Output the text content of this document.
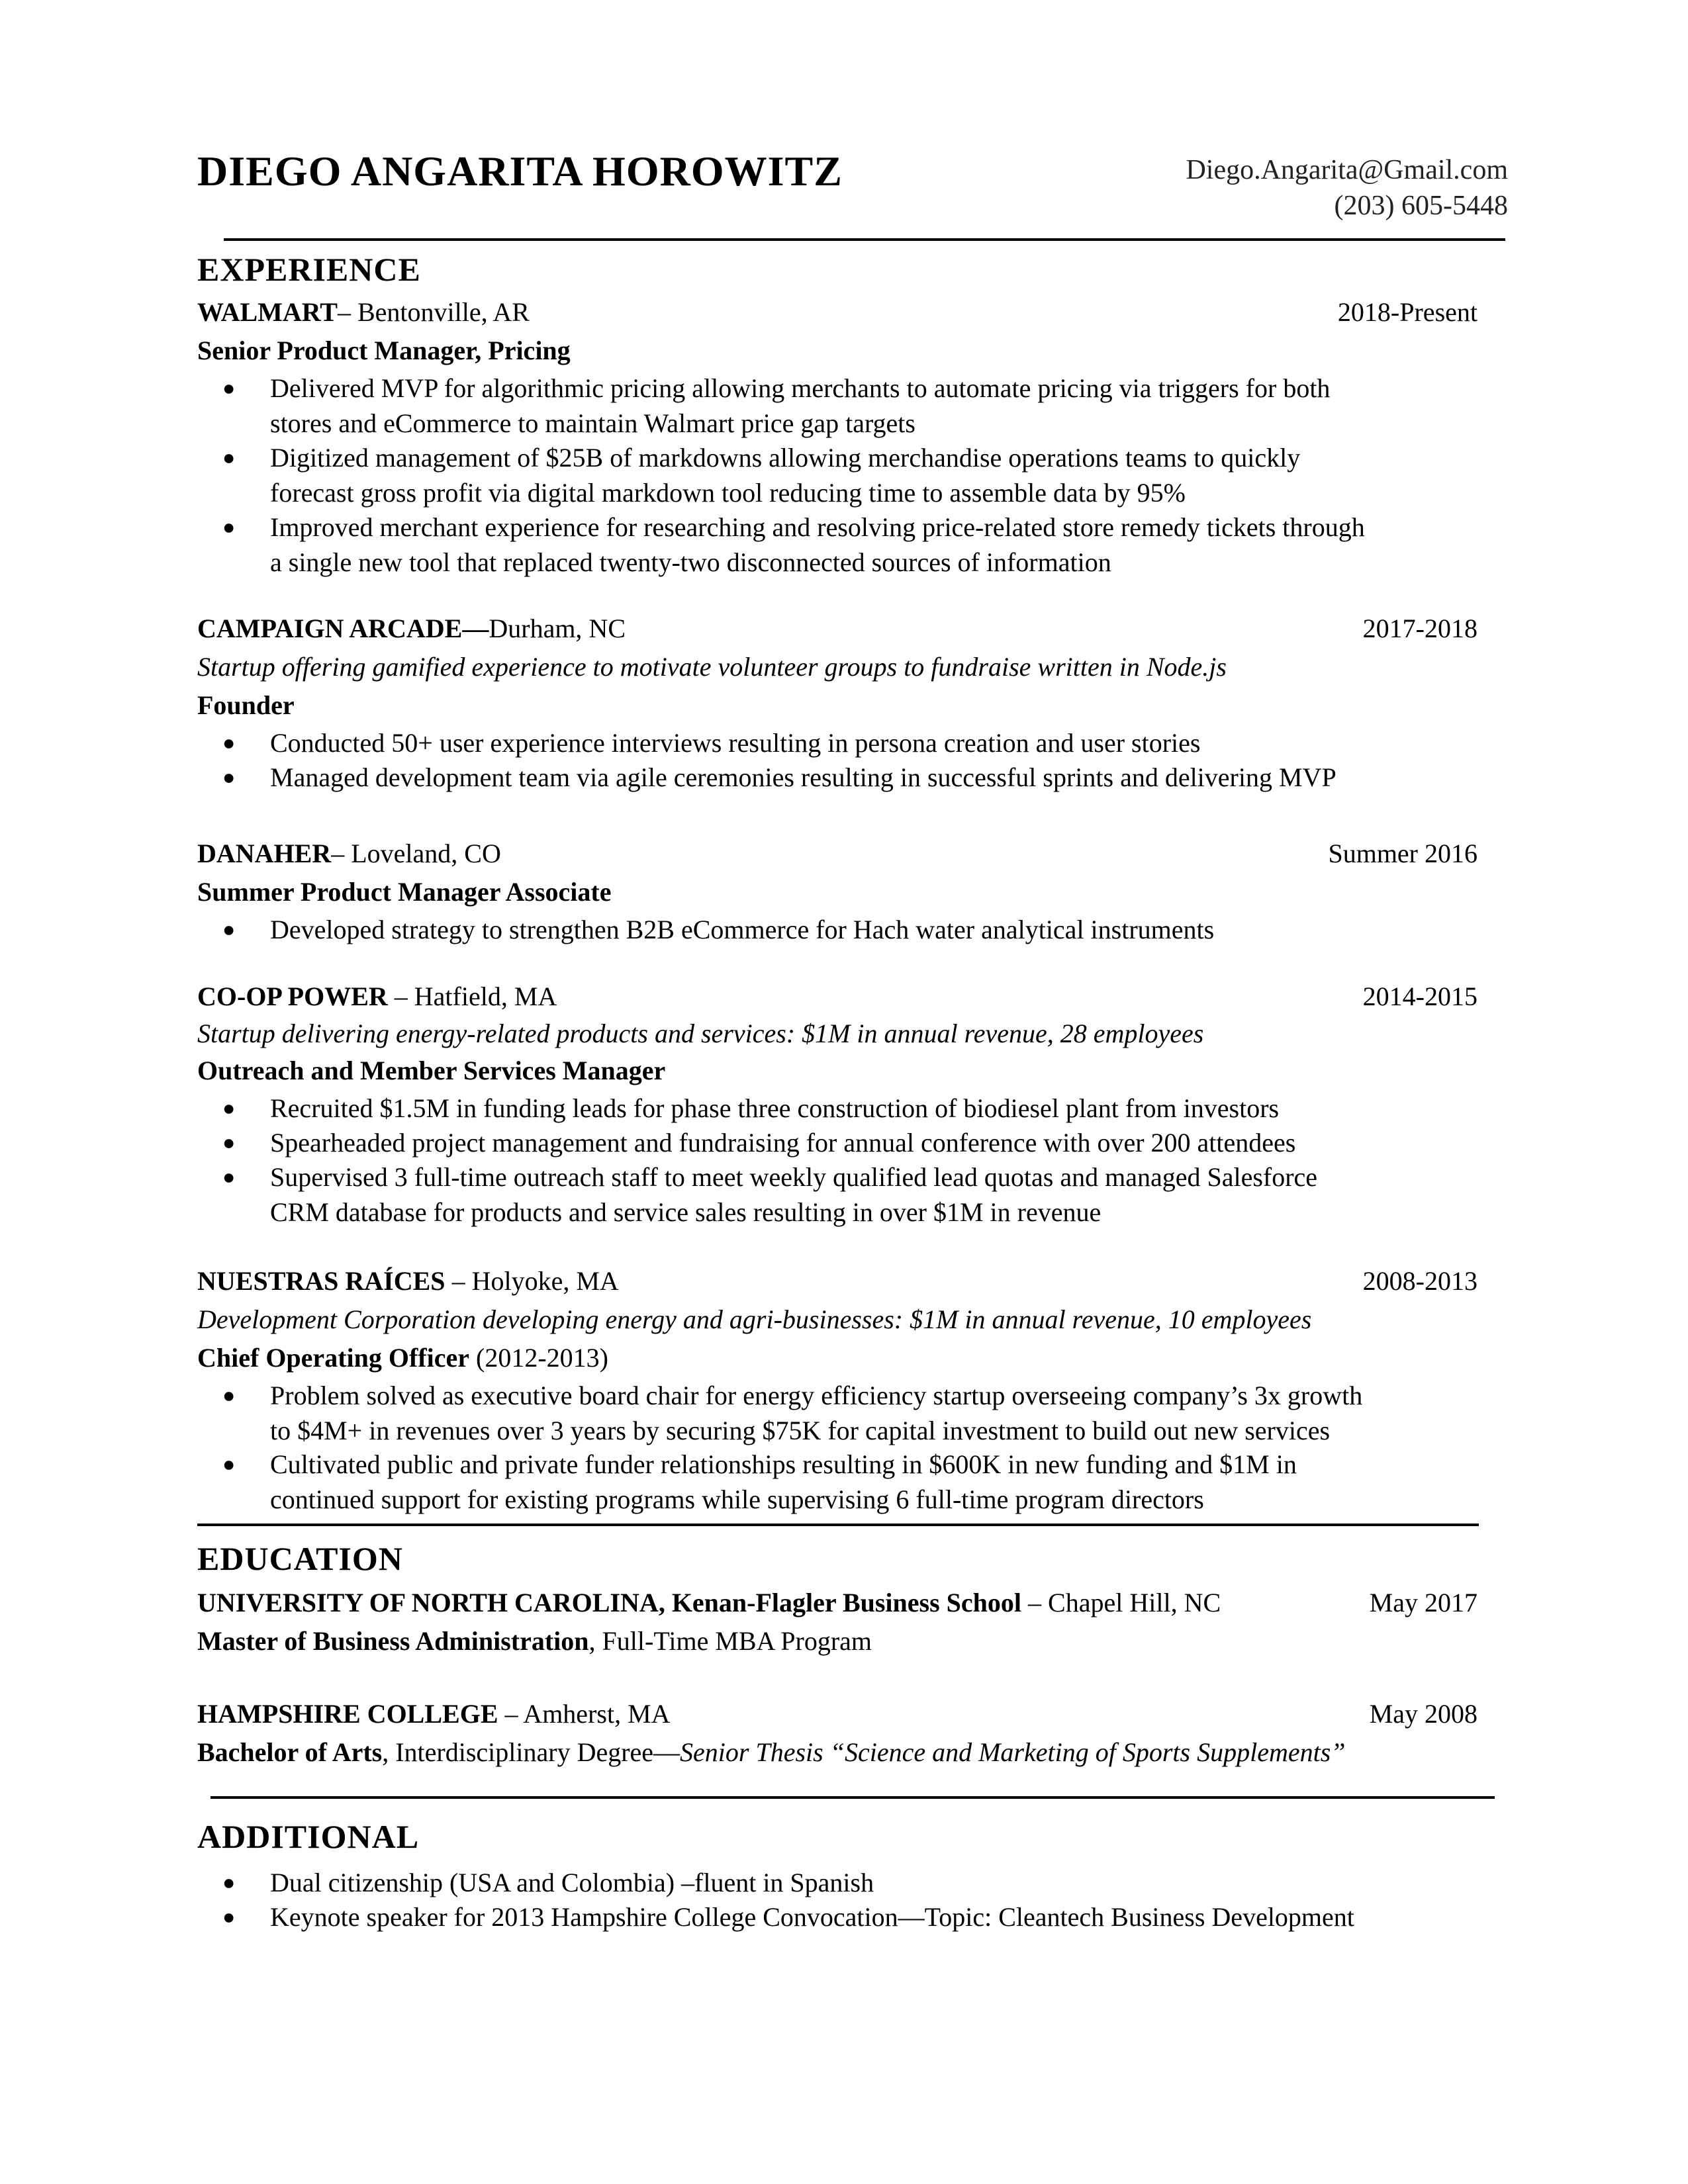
DIEGO ANGARITA HOROWITZ	Diego.Angarita@Gmail.com
(203) 605-5448
EXPERIENCE
WALMART– Bentonville, AR	2018-Present
Senior Product Manager, Pricing
● Delivered MVP for algorithmic pricing allowing merchants to automate pricing via triggers for both
stores and eCommerce to maintain Walmart price gap targets
● Digitized management of $25B of markdowns allowing merchandise operations teams to quickly
forecast gross profit via digital markdown tool reducing time to assemble data by 95%
● Improved merchant experience for researching and resolving price-related store remedy tickets through
a single new tool that replaced twenty-two disconnected sources of information
CAMPAIGN ARCADE—Durham, NC	2017-2018
Startup offering gamified experience to motivate volunteer groups to fundraise written in Node.js
Founder
● Conducted 50+ user experience interviews resulting in persona creation and user stories
● Managed development team via agile ceremonies resulting in successful sprints and delivering MVP
DANAHER– Loveland, CO	Summer 2016
Summer Product Manager Associate
● Developed strategy to strengthen B2B eCommerce for Hach water analytical instruments
CO-OP POWER – Hatfield, MA	2014-2015
Startup delivering energy-related products and services: $1M in annual revenue, 28 employees
Outreach and Member Services Manager
● Recruited $1.5M in funding leads for phase three construction of biodiesel plant from investors
● Spearheaded project management and fundraising for annual conference with over 200 attendees
● Supervised 3 full-time outreach staff to meet weekly qualified lead quotas and managed Salesforce
CRM database for products and service sales resulting in over $1M in revenue
NUESTRAS RAÍCES – Holyoke, MA	2008-2013
Development Corporation developing energy and agri-businesses: $1M in annual revenue, 10 employees
Chief Operating Officer (2012-2013)
● Problem solved as executive board chair for energy efficiency startup overseeing company’s 3x growth
to $4M+ in revenues over 3 years by securing $75K for capital investment to build out new services
● Cultivated public and private funder relationships resulting in $600K in new funding and $1M in
continued support for existing programs while supervising 6 full-time program directors
EDUCATION
UNIVERSITY OF NORTH CAROLINA, Kenan-Flagler Business School – Chapel Hill, NC	May 2017
Master of Business Administration, Full-Time MBA Program
HAMPSHIRE COLLEGE – Amherst, MA	May 2008
Bachelor of Arts, Interdisciplinary Degree—Senior Thesis “Science and Marketing of Sports Supplements”
ADDITIONAL
● Dual citizenship (USA and Colombia) –fluent in Spanish
● Keynote speaker for 2013 Hampshire College Convocation—Topic: Cleantech Business Development
